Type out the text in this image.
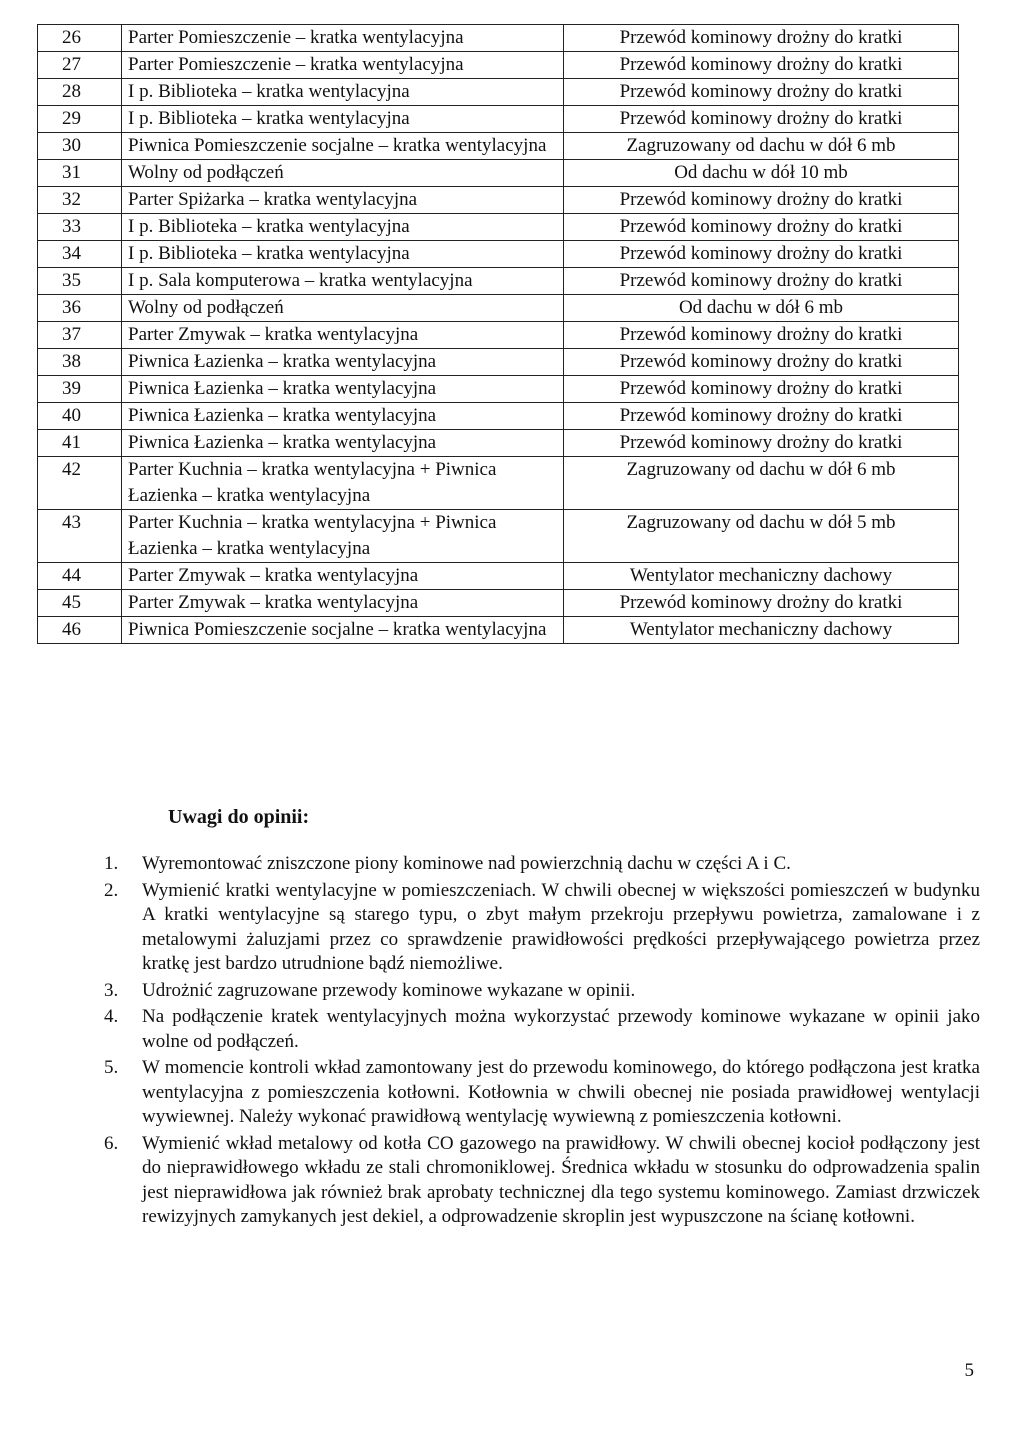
26	Parter Pomieszczenie – kratka wentylacyjna	Przewód kominowy drożny do kratki
27	Parter Pomieszczenie – kratka wentylacyjna	Przewód kominowy drożny do kratki
28	I p. Biblioteka – kratka wentylacyjna	Przewód kominowy drożny do kratki
29	I p. Biblioteka – kratka wentylacyjna	Przewód kominowy drożny do kratki
30	Piwnica Pomieszczenie socjalne – kratka wentylacyjna	Zagruzowany od dachu w dół 6 mb
31	Wolny od podłączeń	Od dachu w dół 10 mb
32	Parter Spiżarka – kratka wentylacyjna	Przewód kominowy drożny do kratki
33	I p. Biblioteka – kratka wentylacyjna	Przewód kominowy drożny do kratki
34	I p. Biblioteka – kratka wentylacyjna	Przewód kominowy drożny do kratki
35	I p. Sala komputerowa – kratka wentylacyjna	Przewód kominowy drożny do kratki
36	Wolny od podłączeń	Od dachu w dół 6 mb
37	Parter Zmywak – kratka wentylacyjna	Przewód kominowy drożny do kratki
38	Piwnica Łazienka – kratka wentylacyjna	Przewód kominowy drożny do kratki
39	Piwnica Łazienka – kratka wentylacyjna	Przewód kominowy drożny do kratki
40	Piwnica Łazienka – kratka wentylacyjna	Przewód kominowy drożny do kratki
41	Piwnica Łazienka – kratka wentylacyjna	Przewód kominowy drożny do kratki
42	Parter Kuchnia – kratka wentylacyjna + Piwnica Łazienka – kratka wentylacyjna	Zagruzowany od dachu w dół 6 mb
43	Parter Kuchnia – kratka wentylacyjna + Piwnica Łazienka – kratka wentylacyjna	Zagruzowany od dachu w dół 5 mb
44	Parter Zmywak – kratka wentylacyjna	Wentylator mechaniczny dachowy
45	Parter Zmywak – kratka wentylacyjna	Przewód kominowy drożny do kratki
46	Piwnica Pomieszczenie socjalne – kratka wentylacyjna	Wentylator mechaniczny dachowy
Uwagi do opinii:
1. Wyremontować zniszczone piony kominowe nad powierzchnią dachu w części A i C.
2. Wymienić kratki wentylacyjne w pomieszczeniach. W chwili obecnej w większości pomieszczeń w budynku A kratki wentylacyjne są starego typu, o zbyt małym przekroju przepływu powietrza, zamalowane i z metalowymi żaluzjami przez co sprawdzenie prawidłowości prędkości przepływającego powietrza przez kratkę jest bardzo utrudnione bądź niemożliwe.
3. Udrożnić zagruzowane przewody kominowe wykazane w opinii.
4. Na podłączenie kratek wentylacyjnych można wykorzystać przewody kominowe wykazane w opinii jako wolne od podłączeń.
5. W momencie kontroli wkład zamontowany jest do przewodu kominowego, do którego podłączona jest kratka wentylacyjna z pomieszczenia kotłowni. Kotłownia w chwili obecnej nie posiada prawidłowej wentylacji wywiewnej. Należy wykonać prawidłową wentylację wywiewną z pomieszczenia kotłowni.
6. Wymienić wkład metalowy od kotła CO gazowego na prawidłowy. W chwili obecnej kocioł podłączony jest do nieprawidłowego wkładu ze stali chromoniklowej. Średnica wkładu w stosunku do odprowadzenia spalin jest nieprawidłowa jak również brak aprobaty technicznej dla tego systemu kominowego. Zamiast drzwiczek rewizyjnych zamykanych jest dekiel, a odprowadzenie skroplin jest wypuszczone na ścianę kotłowni.
5
